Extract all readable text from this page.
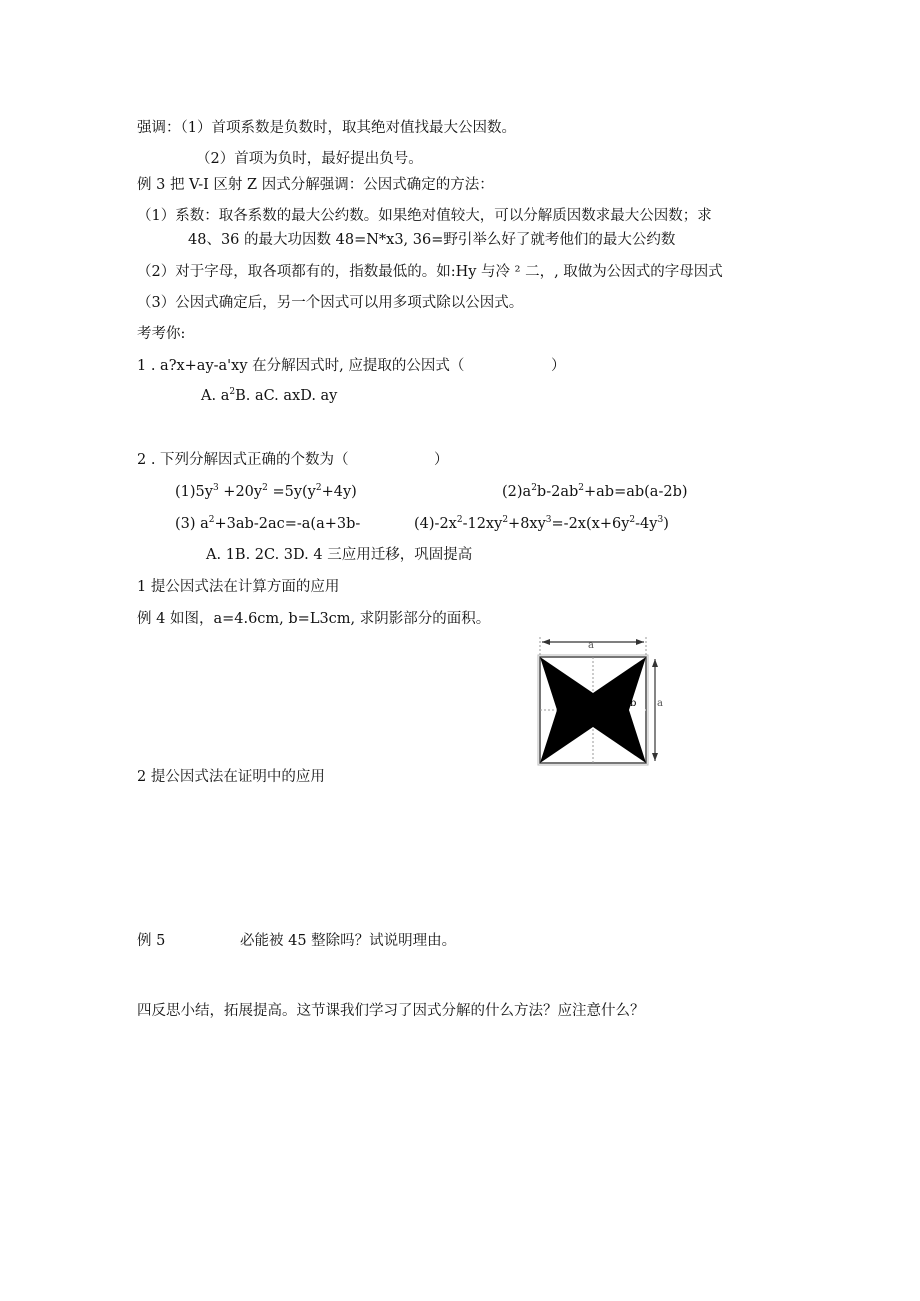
强调：（1）首项系数是负数时，取其绝对值找最大公因数。
（2）首项为负时，最好提出负号。
例 3 把 V-I 区射 Z 因式分解强调：公因式确定的方法：
（1）系数：取各系数的最大公约数。如果绝对值较大，可以分解质因数求最大公因数；求
48、36 的最大功因数 48=N*x3, 36=野引举么好了就考他们的最大公约数
（2）对于字母，取各项都有的，指数最低的。如:Hy 与冷 ² 二，, 取做为公因式的字母因式
（3）公因式确定后，另一个因式可以用多项式除以公因式。
考考你:
1 . a?x+ay-a'xy 在分解因式时, 应提取的公因式（	）
A. $a^2B$. aC. axD. ay
2 . 下列分解因式正确的个数为（	）
$(1)5y^3 +20y^2 =5y(y^2+4y)$	$(2)a^2b-2ab^2+ab=ab(a-2b)$
(3) $a^2+3ab-2ac=-a(a+3b-$	$(4)-2x^2-12xy^2+8xy^3=-2x(x+6y^2-4y^3)$
A. 1B. 2C. 3D. 4 三应用迁移，巩固提高
1 提公因式法在计算方面的应用
例 4 如图，a=4.6cm, b=L3cm, 求阴影部分的面积。
a
a
b
2 提公因式法在证明中的应用
例 5	必能被 45 整除吗？试说明理由。
四反思小结，拓展提高。这节课我们学习了因式分解的什么方法？应注意什么？
